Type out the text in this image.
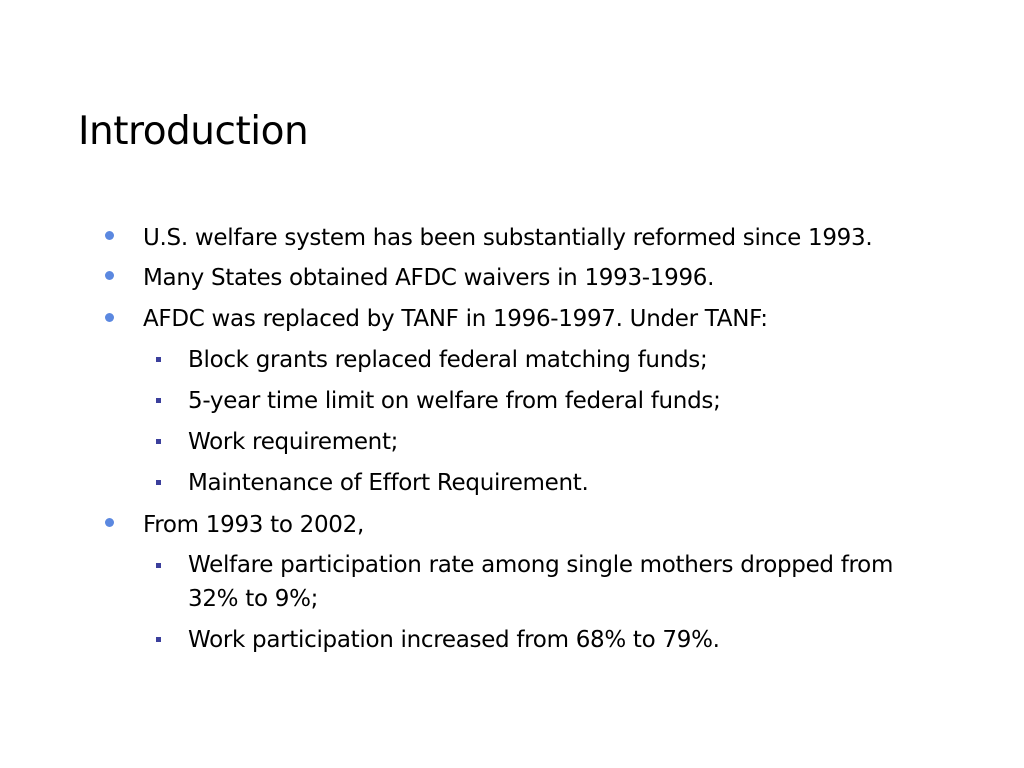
Introduction
U.S. welfare system has been substantially reformed since 1993.
Many States obtained AFDC waivers in 1993-1996.
AFDC was replaced by TANF in 1996-1997. Under TANF:
Block grants replaced federal matching funds;
5-year time limit on welfare from federal funds;
Work requirement;
Maintenance of Effort Requirement.
From 1993 to 2002,
Welfare participation rate among single mothers dropped from 32% to 9%;
Work participation increased from 68% to 79%.
